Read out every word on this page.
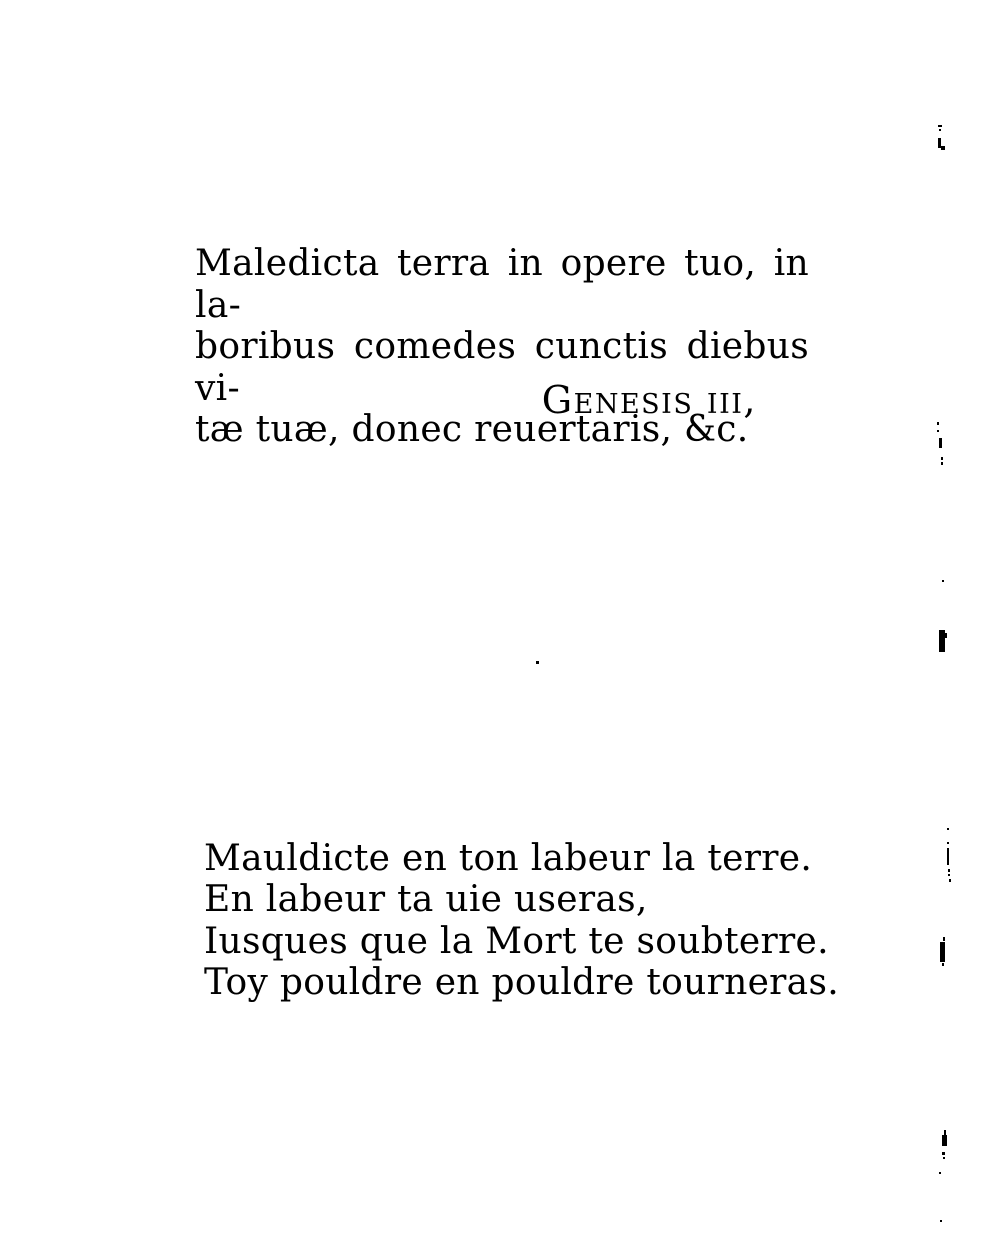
Maledicta terra in opere tuo, in la-
boribus comedes cunctis diebus vi-
tæ tuæ, donec reuertaris, &c.
Genesis iii,
Mauldicte en ton labeur la terre.
En labeur ta uie useras,
Iusques que la Mort te soubterre.
Toy pouldre en pouldre tourneras.
